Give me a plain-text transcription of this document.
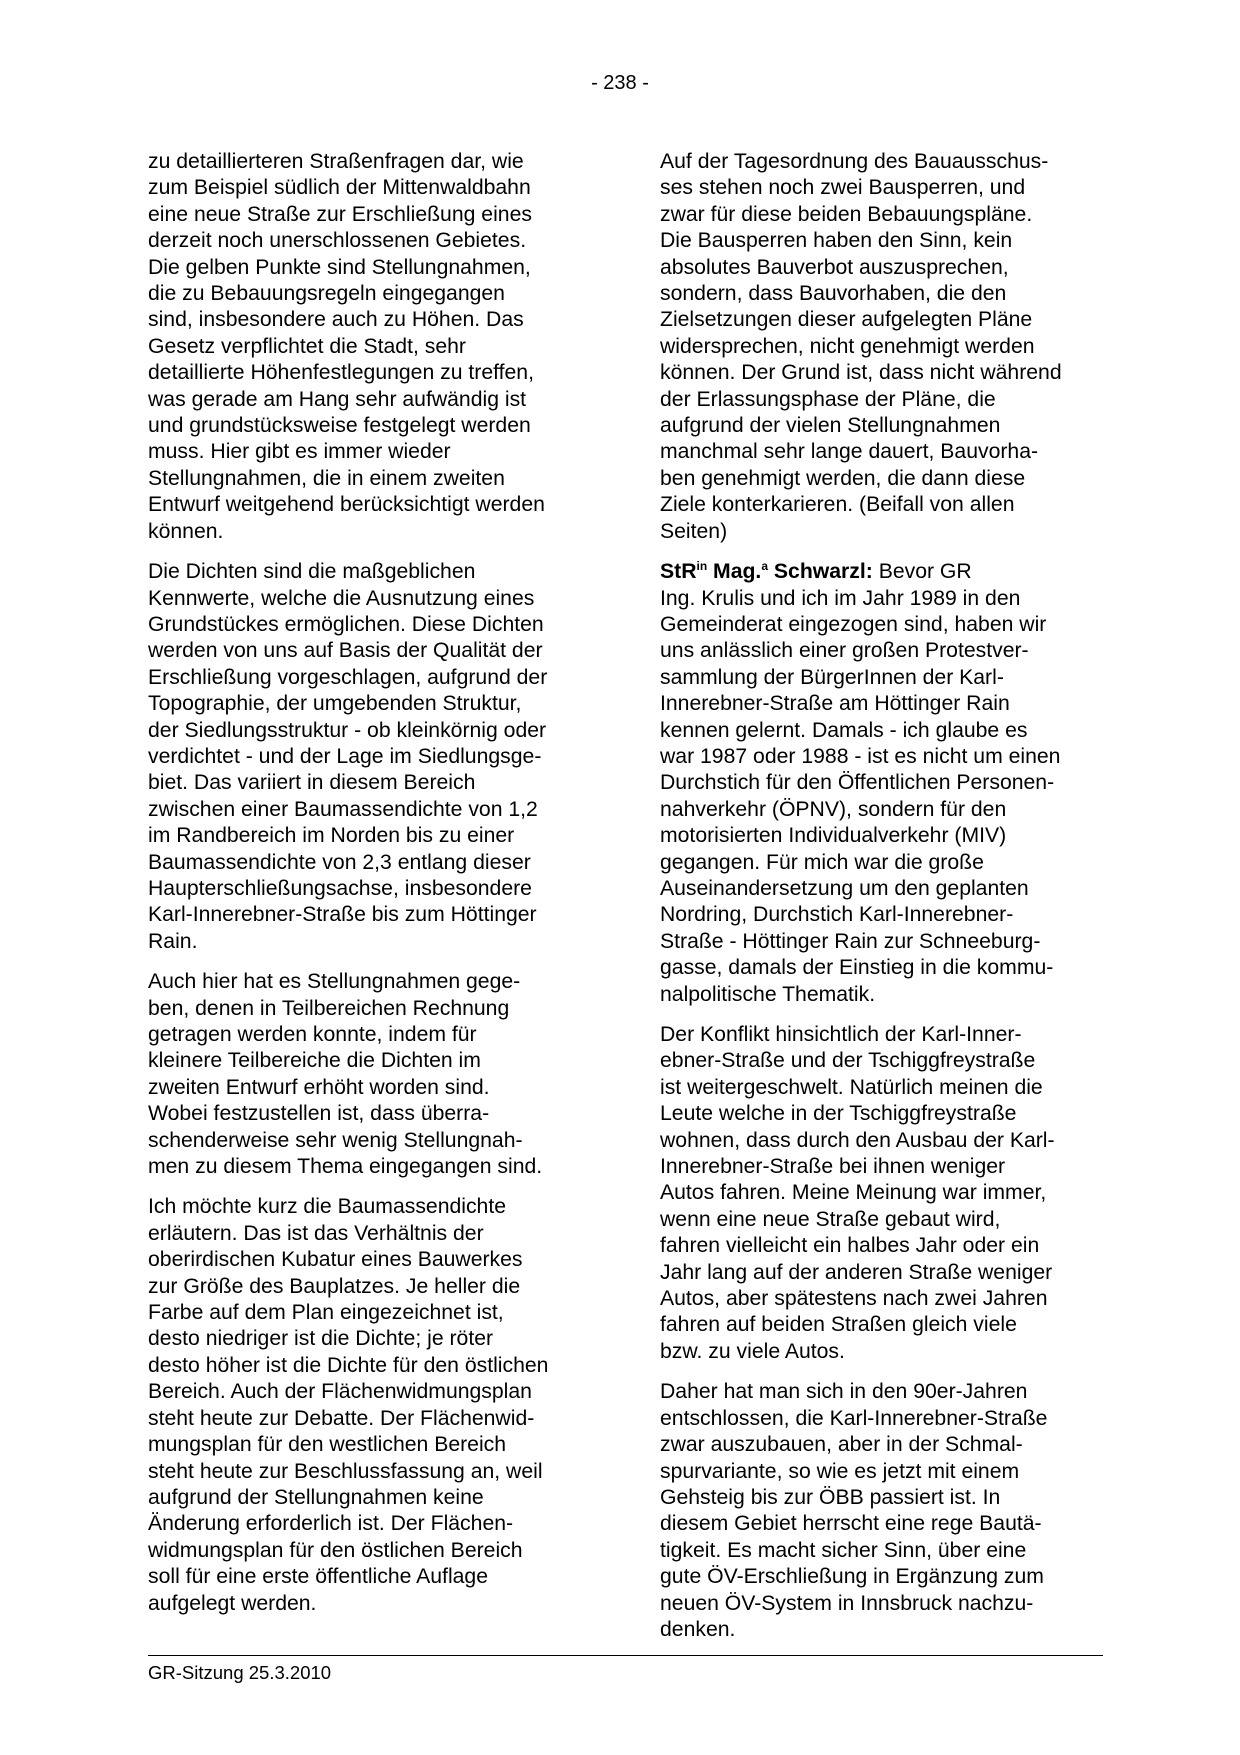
- 238 -

zu detaillierteren Straßenfragen dar, wie
zum Beispiel südlich der Mittenwaldbahn
eine neue Straße zur Erschließung eines
derzeit noch unerschlossenen Gebietes.
Die gelben Punkte sind Stellungnahmen,
die zu Bebauungsregeln eingegangen
sind, insbesondere auch zu Höhen. Das
Gesetz verpflichtet die Stadt, sehr
detaillierte Höhenfestlegungen zu treffen,
was gerade am Hang sehr aufwändig ist
und grundstücksweise festgelegt werden
muss. Hier gibt es immer wieder
Stellungnahmen, die in einem zweiten
Entwurf weitgehend berücksichtigt werden
können.

Die Dichten sind die maßgeblichen
Kennwerte, welche die Ausnutzung eines
Grundstückes ermöglichen. Diese Dichten
werden von uns auf Basis der Qualität der
Erschließung vorgeschlagen, aufgrund der
Topographie, der umgebenden Struktur,
der Siedlungsstruktur - ob kleinkörnig oder
verdichtet - und der Lage im Siedlungsge-
biet. Das variiert in diesem Bereich
zwischen einer Baumassendichte von 1,2
im Randbereich im Norden bis zu einer
Baumassendichte von 2,3 entlang dieser
Haupterschließungsachse, insbesondere
Karl-Innerebner-Straße bis zum Höttinger
Rain.

Auch hier hat es Stellungnahmen gege-
ben, denen in Teilbereichen Rechnung
getragen werden konnte, indem für
kleinere Teilbereiche die Dichten im
zweiten Entwurf erhöht worden sind.
Wobei festzustellen ist, dass überra-
schenderweise sehr wenig Stellungnah-
men zu diesem Thema eingegangen sind.

Ich möchte kurz die Baumassendichte
erläutern. Das ist das Verhältnis der
oberirdischen Kubatur eines Bauwerkes
zur Größe des Bauplatzes. Je heller die
Farbe auf dem Plan eingezeichnet ist,
desto niedriger ist die Dichte; je röter
desto höher ist die Dichte für den östlichen
Bereich. Auch der Flächenwidmungsplan
steht heute zur Debatte. Der Flächenwid-
mungsplan für den westlichen Bereich
steht heute zur Beschlussfassung an, weil
aufgrund der Stellungnahmen keine
Änderung erforderlich ist. Der Flächen-
widmungsplan für den östlichen Bereich
soll für eine erste öffentliche Auflage
aufgelegt werden.

Auf der Tagesordnung des Bauausschus-
ses stehen noch zwei Bausperren, und
zwar für diese beiden Bebauungspläne.
Die Bausperren haben den Sinn, kein
absolutes Bauverbot auszusprechen,
sondern, dass Bauvorhaben, die den
Zielsetzungen dieser aufgelegten Pläne
widersprechen, nicht genehmigt werden
können. Der Grund ist, dass nicht während
der Erlassungsphase der Pläne, die
aufgrund der vielen Stellungnahmen
manchmal sehr lange dauert, Bauvorha-
ben genehmigt werden, die dann diese
Ziele konterkarieren. (Beifall von allen
Seiten)

StR$^{in}$ Mag.$^a$ Schwarzl: Bevor GR
Ing. Krulis und ich im Jahr 1989 in den
Gemeinderat eingezogen sind, haben wir
uns anlässlich einer großen Protestver-
sammlung der BürgerInnen der Karl-
Innerebner-Straße am Höttinger Rain
kennen gelernt. Damals - ich glaube es
war 1987 oder 1988 - ist es nicht um einen
Durchstich für den Öffentlichen Personen-
nahverkehr (ÖPNV), sondern für den
motorisierten Individualverkehr (MIV)
gegangen. Für mich war die große
Auseinandersetzung um den geplanten
Nordring, Durchstich Karl-Innerebner-
Straße - Höttinger Rain zur Schneeburg-
gasse, damals der Einstieg in die kommu-
nalpolitische Thematik.

Der Konflikt hinsichtlich der Karl-Inner-
ebner-Straße und der Tschiggfreystraße
ist weitergeschwelt. Natürlich meinen die
Leute welche in der Tschiggfreystraße
wohnen, dass durch den Ausbau der Karl-
Innerebner-Straße bei ihnen weniger
Autos fahren. Meine Meinung war immer,
wenn eine neue Straße gebaut wird,
fahren vielleicht ein halbes Jahr oder ein
Jahr lang auf der anderen Straße weniger
Autos, aber spätestens nach zwei Jahren
fahren auf beiden Straßen gleich viele
bzw. zu viele Autos.

Daher hat man sich in den 90er-Jahren
entschlossen, die Karl-Innerebner-Straße
zwar auszubauen, aber in der Schmal-
spurvariante, so wie es jetzt mit einem
Gehsteig bis zur ÖBB passiert ist. In
diesem Gebiet herrscht eine rege Bautä-
tigkeit. Es macht sicher Sinn, über eine
gute ÖV-Erschließung in Ergänzung zum
neuen ÖV-System in Innsbruck nachzu-
denken.

GR-Sitzung 25.3.2010
